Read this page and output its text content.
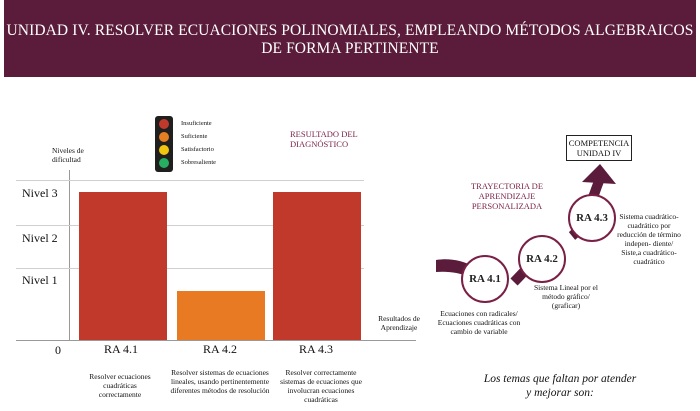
UNIDAD IV. RESOLVER ECUACIONES POLINOMIALES, EMPLEANDO MÉTODOS ALGEBRAICOS DE FORMA PERTINENTE
Insuficiente
Suficiente
Satisfactorio
Sobresaliente
RESULTADO DEL DIAGNÓSTICO
Niveles de dificultad
Nivel 3
Nivel 2
Nivel 1
0	RA 4.1	RA 4.2	RA 4.3
Resultados de Aprendizaje
Resolver ecuaciones cuadráticas correctamente
Resolver sistemas de ecuaciones lineales, usando pertinentemente diferentes métodos de resolución
Resolver correctamente sistemas de ecuaciones que involucran ecuaciones cuadráticas
TRAYECTORIA DE APRENDIZAJE PERSONALIZADA
COMPETENCIA UNIDAD IV
RA 4.1
RA 4.2
RA 4.3
Ecuaciones con radicales/ Ecuaciones cuadráticas con cambio de variable
Sistema Lineal por el método gráfico/ (graficar)
Sistema cuadrático- cuadrático por reducción de término indepen- diente/ Siste,a cuadrático- cuadrático
Los temas que faltan por atender
y mejorar son:
